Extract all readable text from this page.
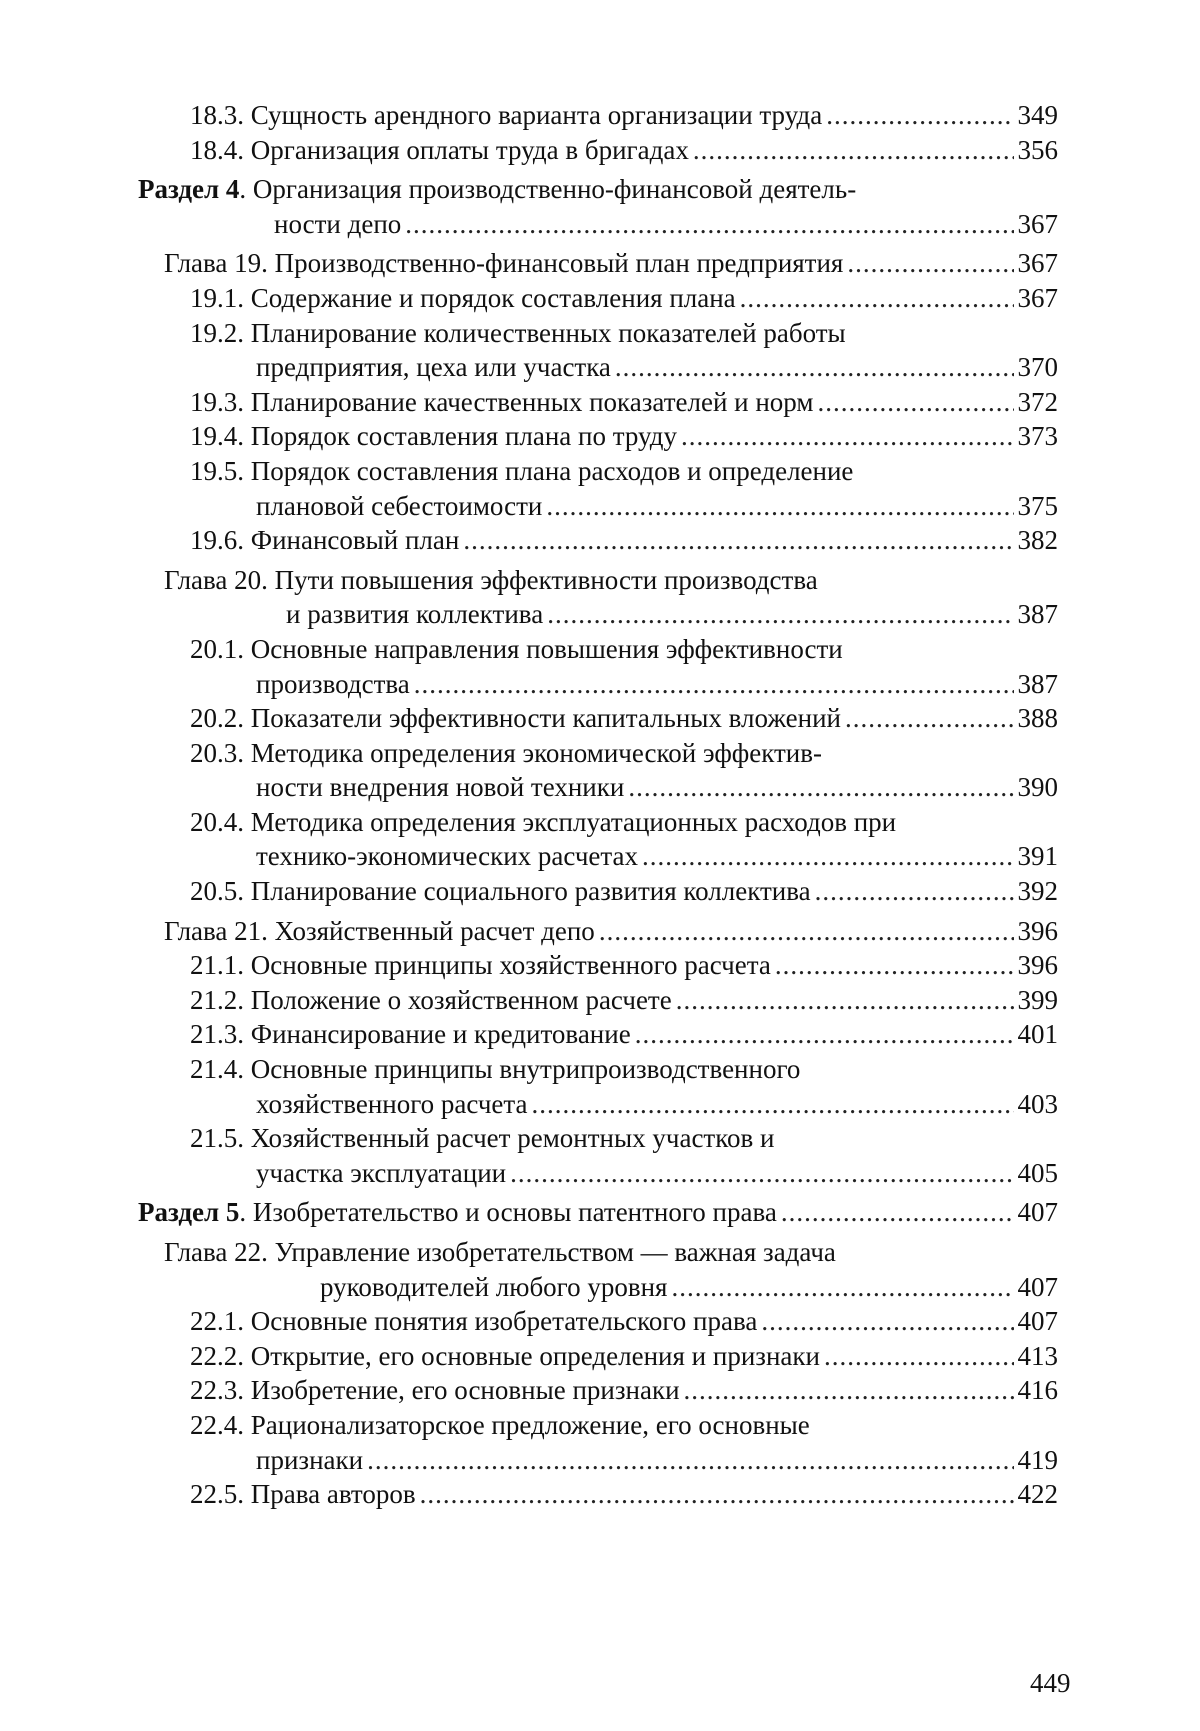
18.3. Сущность арендного варианта организации труда .....	349
18.4. Организация оплаты труда в бригадах .....	356
Раздел 4. Организация производственно-финансовой деятель-
ности депо .....	367
Глава 19. Производственно-финансовый план предприятия .....	367
19.1. Содержание и порядок составления плана .....	367
19.2. Планирование количественных показателей работы
предприятия, цеха или участка .....	370
19.3. Планирование качественных показателей и норм .....	372
19.4. Порядок составления плана по труду .....	373
19.5. Порядок составления плана расходов и определение
плановой себестоимости .....	375
19.6. Финансовый план .....	382
Глава 20. Пути повышения эффективности производства
и развития коллектива .....	387
20.1. Основные направления повышения эффективности
производства .....	387
20.2. Показатели эффективности капитальных вложений .....	388
20.3. Методика определения экономической эффектив-
ности внедрения новой техники .....	390
20.4. Методика определения эксплуатационных расходов при
технико-экономических расчетах .....	391
20.5. Планирование социального развития коллектива .....	392
Глава 21. Хозяйственный расчет депо .....	396
21.1. Основные принципы хозяйственного расчета .....	396
21.2. Положение о хозяйственном расчете .....	399
21.3. Финансирование и кредитование .....	401
21.4. Основные принципы внутрипроизводственного
хозяйственного расчета .....	403
21.5. Хозяйственный расчет ремонтных участков и
участка эксплуатации .....	405
Раздел 5. Изобретательство и основы патентного права .....	407
Глава 22. Управление изобретательством — важная задача
руководителей любого уровня .....	407
22.1. Основные понятия изобретательского права .....	407
22.2. Открытие, его основные определения и признаки .....	413
22.3. Изобретение, его основные признаки .....	416
22.4. Рационализаторское предложение, его основные
признаки .....	419
22.5. Права авторов .....	422
449
